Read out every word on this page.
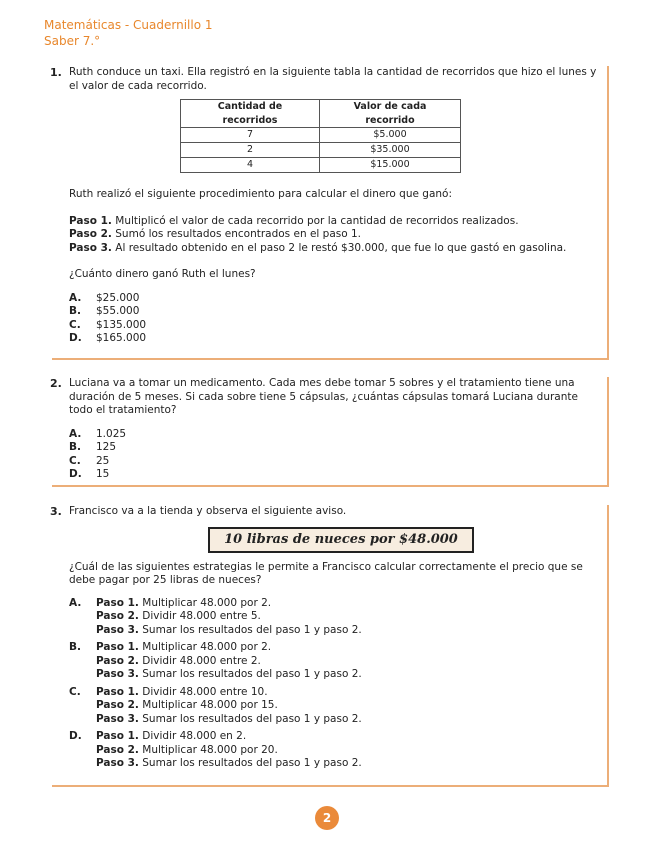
Matemáticas - Cuadernillo 1
Saber 7.°
1. Ruth conduce un taxi. Ella registró en la siguiente tabla la cantidad de recorridos que hizo el lunes y el valor de cada recorrido.

Cantidad de recorridos	Valor de cada recorrido
7	$5.000
2	$35.000
4	$15.000

Ruth realizó el siguiente procedimiento para calcular el dinero que ganó:

Paso 1. Multiplicó el valor de cada recorrido por la cantidad de recorridos realizados.

Paso 2. Sumó los resultados encontrados en el paso 1.

Paso 3. Al resultado obtenido en el paso 2 le restó $30.000, que fue lo que gastó en gasolina.

¿Cuánto dinero ganó Ruth el lunes?

A.	$25.000
B.	$55.000
C.	$135.000
D.	$165.000
2. Luciana va a tomar un medicamento. Cada mes debe tomar 5 sobres y el tratamiento tiene una duración de 5 meses. Si cada sobre tiene 5 cápsulas, ¿cuántas cápsulas tomará Luciana durante todo el tratamiento?

A.	1.025
B.	125
C.	25
D.	15
3. Francisco va a la tienda y observa el siguiente aviso.

10 libras de nueces por $48.000

¿Cuál de las siguientes estrategias le permite a Francisco calcular correctamente el precio que se debe pagar por 25 libras de nueces?

A.	Paso 1. Multiplicar 48.000 por 2.

Paso 2. Dividir 48.000 entre 5.

Paso 3. Sumar los resultados del paso 1 y paso 2.

B.	Paso 1. Multiplicar 48.000 por 2.

Paso 2. Dividir 48.000 entre 2.

Paso 3. Sumar los resultados del paso 1 y paso 2.

C.	Paso 1. Dividir 48.000 entre 10.

Paso 2. Multiplicar 48.000 por 15.

Paso 3. Sumar los resultados del paso 1 y paso 2.

D.	Paso 1. Dividir 48.000 en 2.

Paso 2. Multiplicar 48.000 por 20.

Paso 3. Sumar los resultados del paso 1 y paso 2.

2
